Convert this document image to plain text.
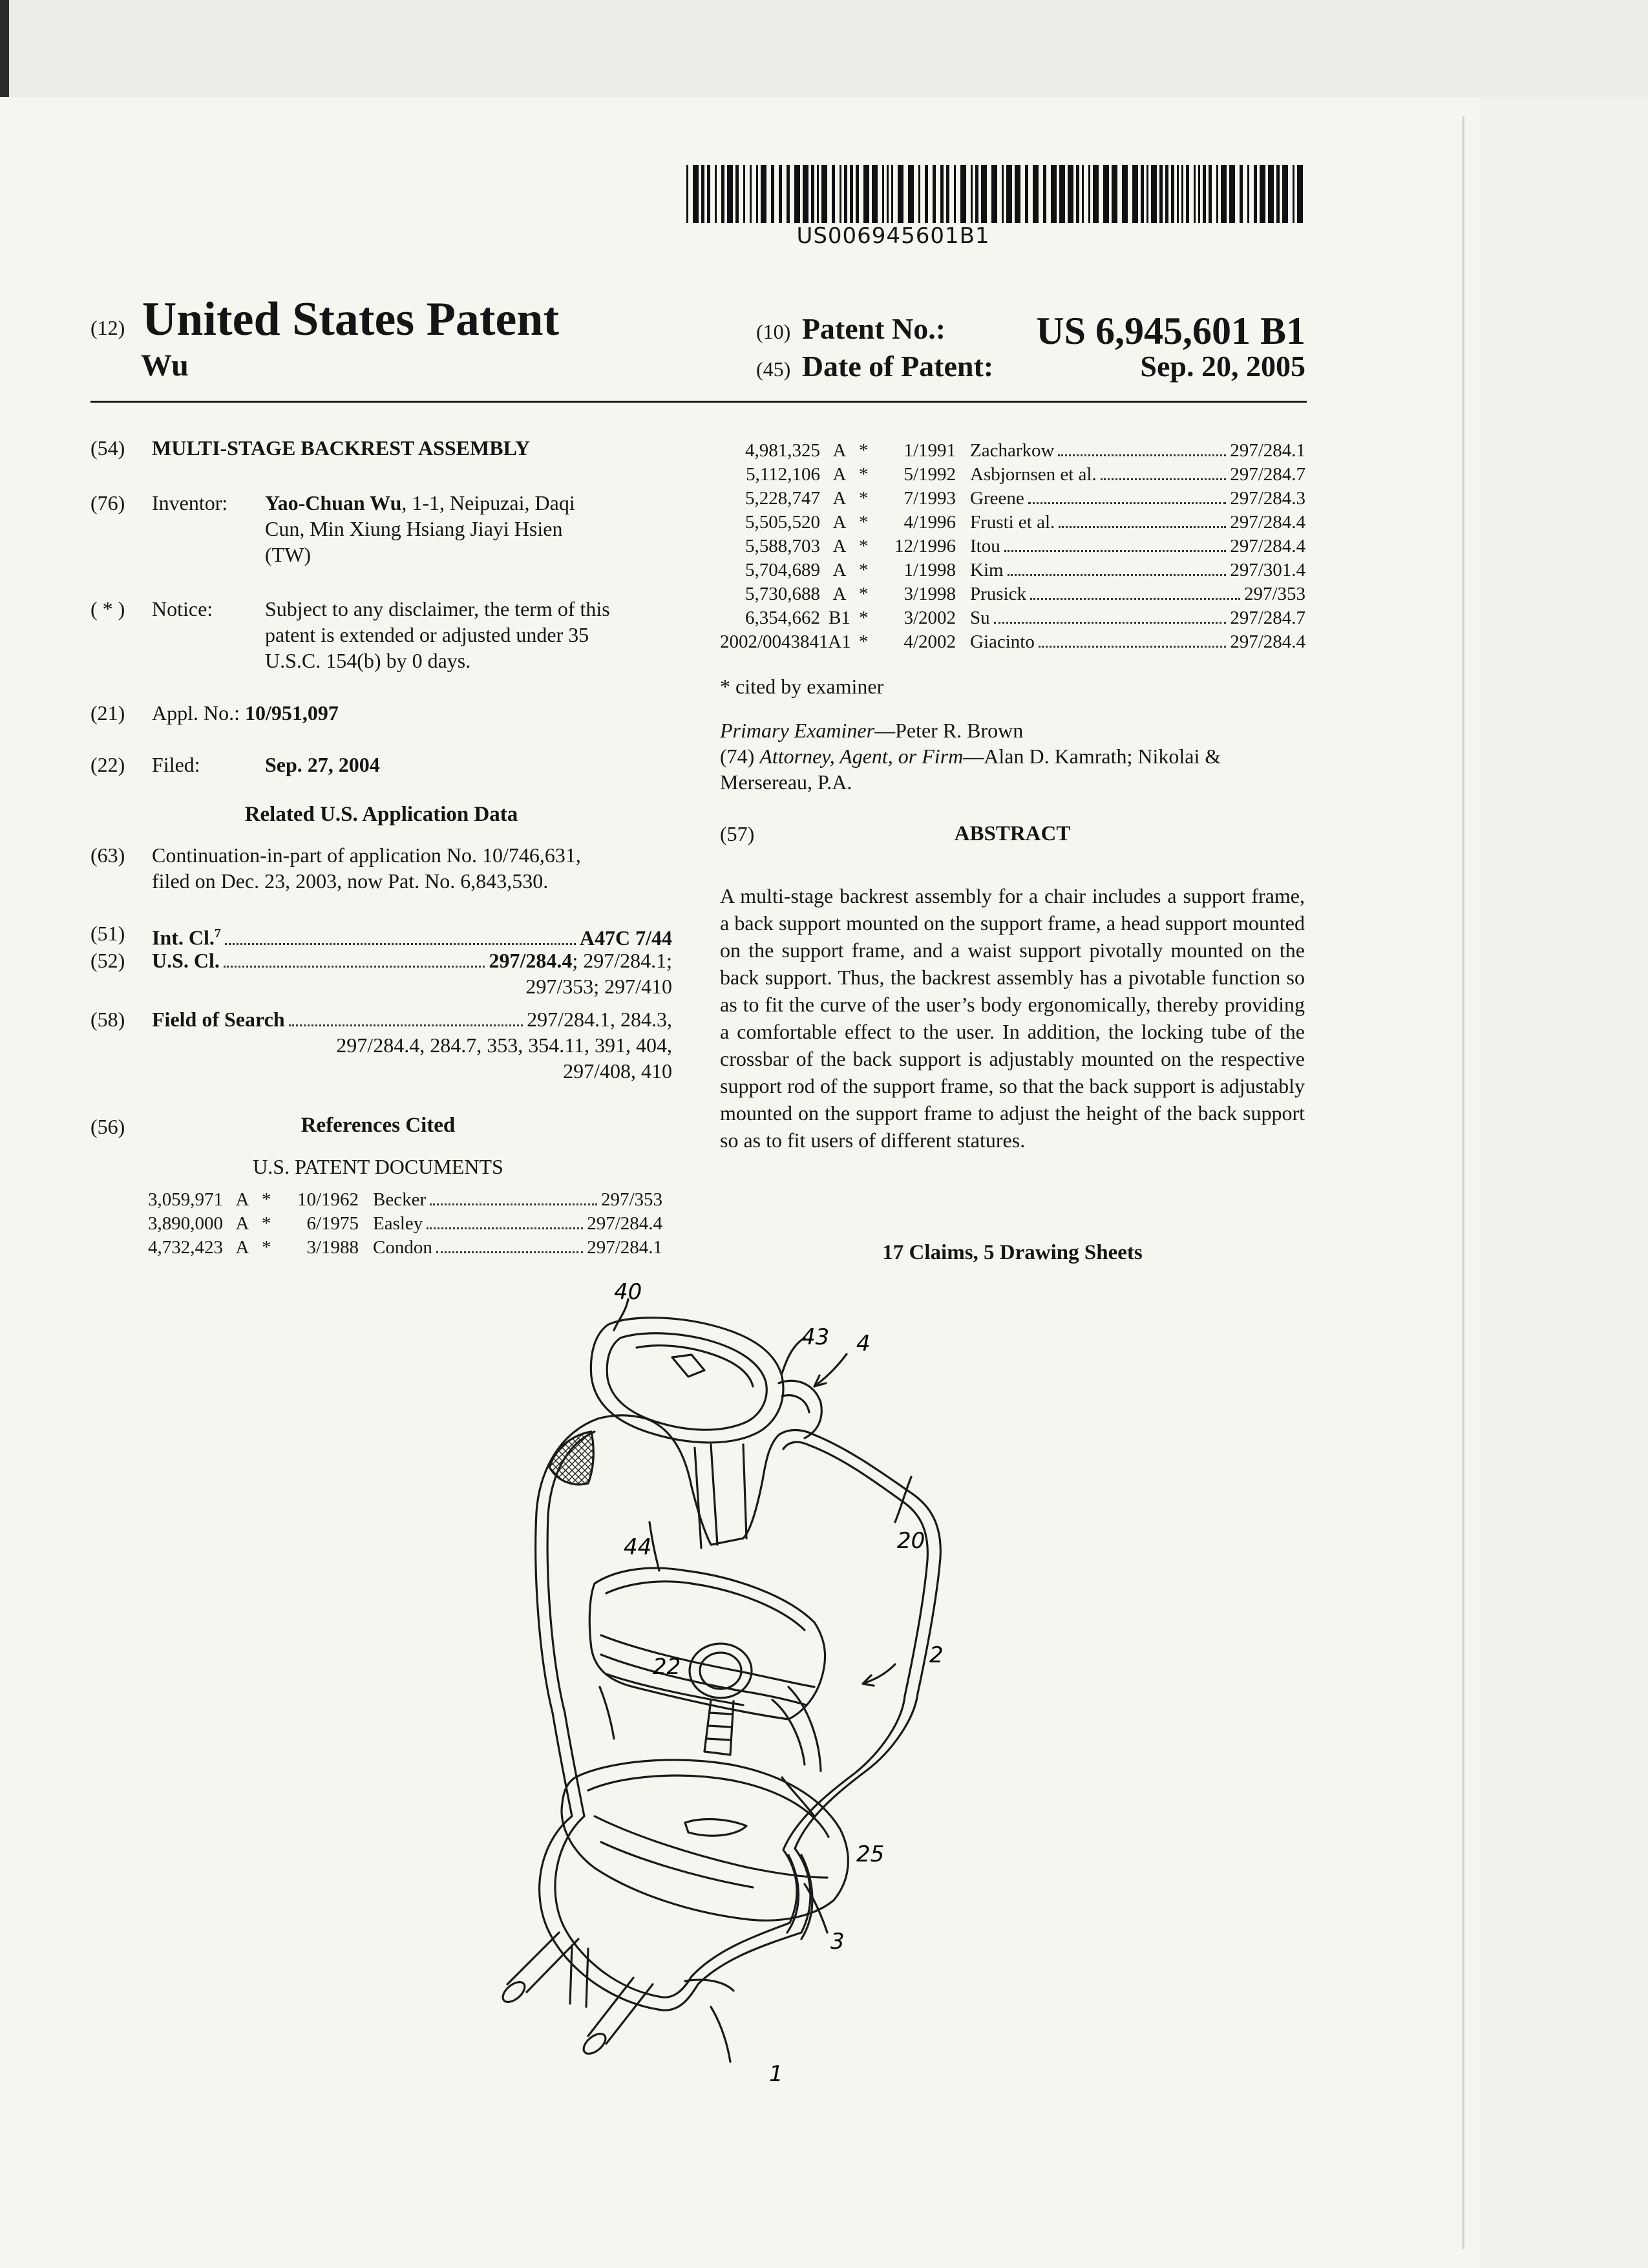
US006945601B1
(12) United States Patent
Wu
(10) Patent No.: US 6,945,601 B1
(45) Date of Patent:	Sep. 20, 2005
(54) MULTI-STAGE BACKREST ASSEMBLY
(76) Inventor: Yao-Chuan Wu, 1-1, Neipuzai, Daqi
Cun, Min Xiung Hsiang Jiayi Hsien
(TW)
( * ) Notice:	Subject to any disclaimer, the term of this
patent is extended or adjusted under 35
U.S.C. 154(b) by 0 days.
(21) Appl. No.: 10/951,097
(22) Filed:	Sep. 27, 2004
Related U.S. Application Data
(63) Continuation-in-part of application No. 10/746,631,
filed on Dec. 23, 2003, now Pat. No. 6,843,530.
(51) Int. Cl.$^7$	A47C 7/44
(52) U.S. Cl.	297/284.4; 297/284.1;
297/353; 297/410
(58) Field of Search	297/284.1, 284.3,
297/284.4, 284.7, 353, 354.11, 391, 404,
297/408, 410
(56)	References Cited
U.S. PATENT DOCUMENTS
3,059,971 A *	10/1962 Becker	297/353
3,890,000 A *	6/1975 Easley	297/284.4
4,732,423 A *	3/1988 Condon	297/284.1
4,981,325 A *	1/1991 Zacharkow	297/284.1
5,112,106 A *	5/1992 Asbjornsen et al.	297/284.7
5,228,747 A *	7/1993 Greene	297/284.3
5,505,520 A *	4/1996 Frusti et al.	297/284.4
5,588,703 A *	12/1996 Itou	297/284.4
5,704,689 A *	1/1998 Kim	297/301.4
5,730,688 A *	3/1998 Prusick	297/353
6,354,662 B1 *	3/2002 Su	297/284.7
2002/0043841 A1 *	4/2002 Giacinto	297/284.4
* cited by examiner
Primary Examiner—Peter R. Brown
(74) Attorney, Agent, or Firm—Alan D. Kamrath; Nikolai &
Mersereau, P.A.
(57)	ABSTRACT
A multi-stage backrest assembly for a chair includes a support frame, a back support mounted on the support frame, a head support mounted on the support frame, and a waist support pivotally mounted on the back support. Thus, the backrest assembly has a pivotable function so as to fit the curve of the user’s body ergonomically, thereby providing a comfortable effect to the user. In addition, the locking tube of the crossbar of the back support is adjustably mounted on the respective support rod of the support frame, so that the back support is adjustably mounted on the support frame to adjust the height of the back support so as to fit users of different statures.
17 Claims, 5 Drawing Sheets
40
43 4
44	20
2
22
25
3
1
